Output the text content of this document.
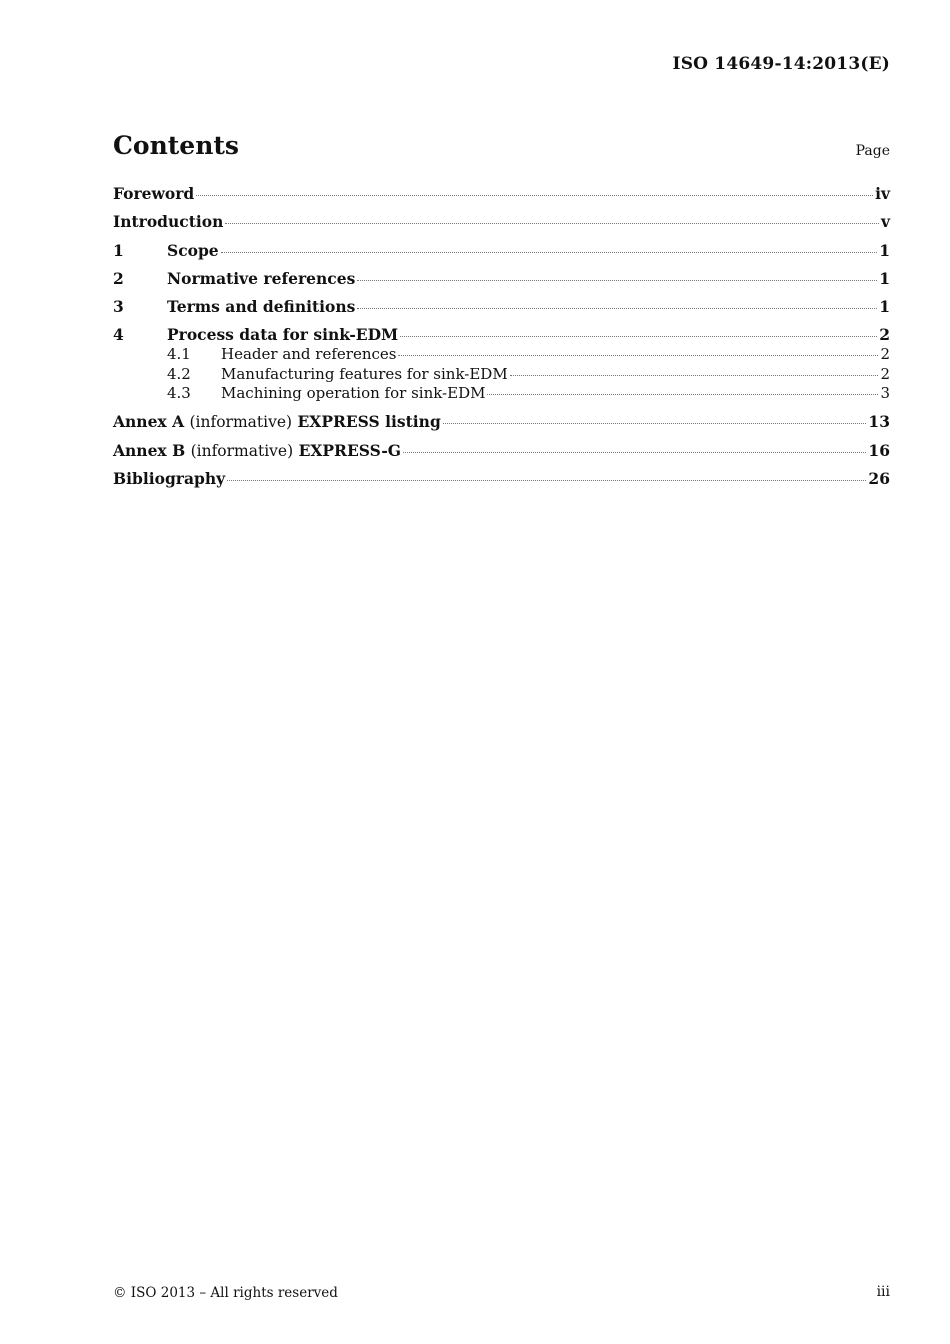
ISO 14649-14:2013(E)
Contents	Page
Foreword	iv
Introduction	v
1	Scope	1
2	Normative references	1
3	Terms and definitions	1
4	Process data for sink-EDM	2
4.1	Header and references	2
4.2	Manufacturing features for sink-EDM	2
4.3	Machining operation for sink-EDM	3
Annex A (informative) EXPRESS listing	13
Annex B (informative) EXPRESS-G	16
Bibliography	26
© ISO 2013 – All rights reserved	iii
